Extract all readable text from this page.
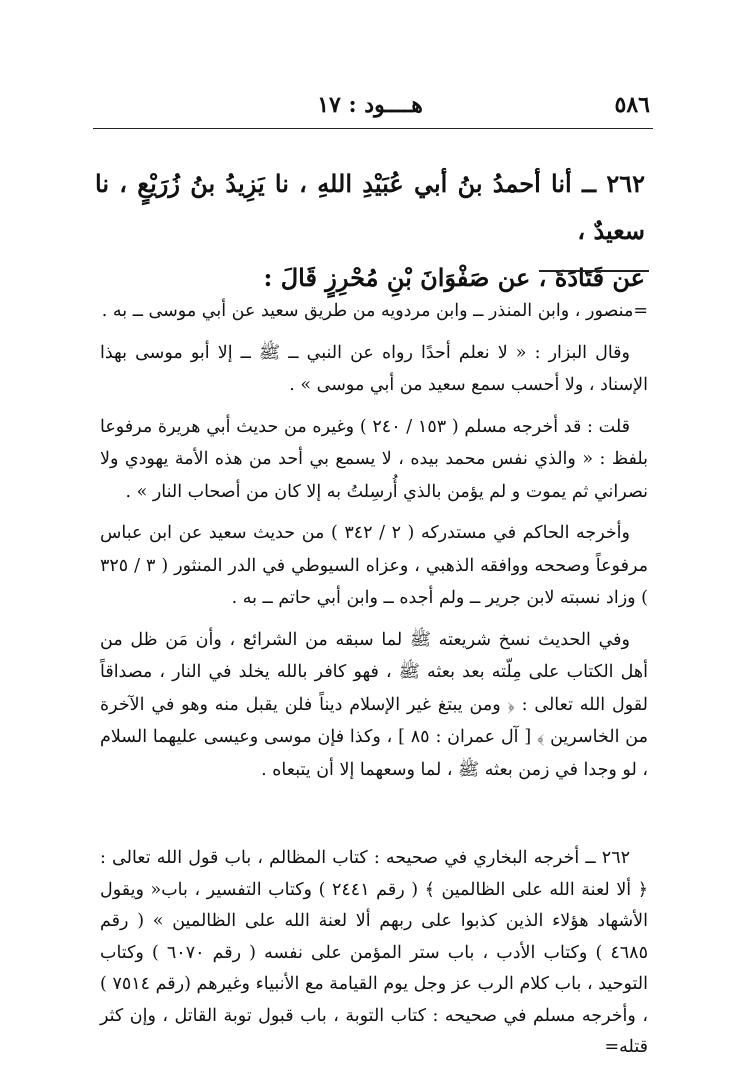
٥٨٦
هــــود : ١٧

٢٦٢ ــ أنا أحمدُ بنُ أبي عُبَيْدِ اللهِ ، نا يَزِيدُ بنُ زُرَيْعٍ ، نا سعيدٌ ،

عن قَتَادَةَ ، عن صَفْوَانَ بْنِ مُحْرِزٍ قَالَ :

=منصور ، وابن المنذر ــ وابن مردويه من طريق سعيد عن أبي موسى ــ به .

وقال البزار : « لا نعلم أحدًا رواه عن النبي ــ ﷺ ــ إلا أبو موسى بهذا الإسناد ، ولا أحسب سمع سعيد من أبي موسى » .

قلت : قد أخرجه مسلم ( ١٥٣ / ٢٤٠ ) وغيره من حديث أبي هريرة مرفوعا بلفظ : « والذي نفس محمد بيده ، لا يسمع بي أحد من هذه الأمة يهودي ولا نصراني ثم يموت و لم يؤمن بالذي أُرسِلتُ به إلا كان من أصحاب النار » .

وأخرجه الحاكم في مستدركه ( ٢ / ٣٤٢ ) من حديث سعيد عن ابن عباس مرفوعاً وصححه ووافقه الذهبي ، وعزاه السيوطي في الدر المنثور ( ٣ / ٣٢٥ ) وزاد نسبته لابن جرير ــ ولم أجده ــ وابن أبي حاتم ــ به .

وفي الحديث نسخ شريعته ﷺ لما سبقه من الشرائع ، وأن مَن ظل من أهل الكتاب على مِلّته بعد بعثه ﷺ ، فهو كافر بالله يخلد في النار ، مصداقاً لقول الله تعالى : ﴿ ومن يبتغ غير الإسلام ديناً فلن يقبل منه وهو في الآخرة من الخاسرين ﴾ [ آل عمران : ٨٥ ] ، وكذا فإن موسى وعيسى عليهما السلام ، لو وجدا في زمن بعثه ﷺ ، لما وسعهما إلا أن يتبعاه .

٢٦٢ ــ أخرجه البخاري في صحيحه : كتاب المظالم ، باب قول الله تعالى : ﴿ ألا لعنة الله على الظالمين ﴾ ( رقم ٢٤٤١ ) وكتاب التفسير ، باب« ويقول الأشهاد هؤلاء الذين كذبوا على ربهم ألا لعنة الله على الظالمين » ( رقم ٤٦٨٥ ) وكتاب الأدب ، باب ستر المؤمن على نفسه ( رقم ٦٠٧٠ ) وكتاب التوحيد ، باب كلام الرب عز وجل يوم القيامة مع الأنبياء وغيرهم (رقم ٧٥١٤ ) ، وأخرجه مسلم في صحيحه : كتاب التوبة ، باب قبول توبة القاتل ، وإن كثر قتله=
